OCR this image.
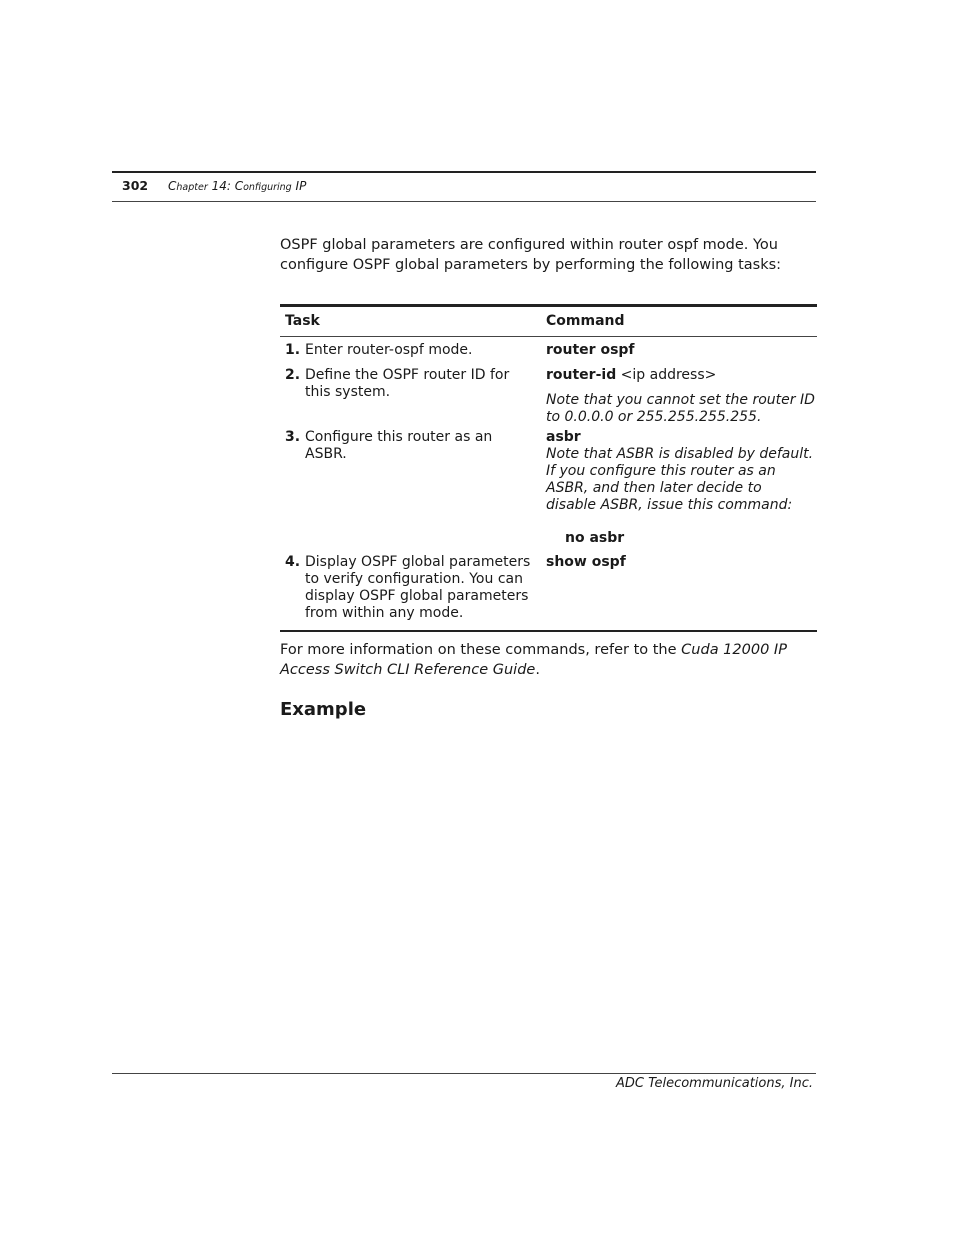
302 Chapter 14: Configuring IP

OSPF global parameters are configured within router ospf mode. You configure OSPF global parameters by performing the following tasks:

Task	Command
1. Enter router-ospf mode.	router ospf
2. Define the OSPF router ID for this system.
router-id <ip address>
Note that you cannot set the router ID to 0.0.0.0 or 255.255.255.255.
3. Configure this router as an ASBR.
asbr
Note that ASBR is disabled by default. If you configure this router as an ASBR, and then later decide to disable ASBR, issue this command:
no asbr
4. Display OSPF global parameters to verify configuration. You can display OSPF global parameters from within any mode.
show ospf

For more information on these commands, refer to the Cuda 12000 IP Access Switch CLI Reference Guide.

Example
ADC Telecommunications, Inc.
